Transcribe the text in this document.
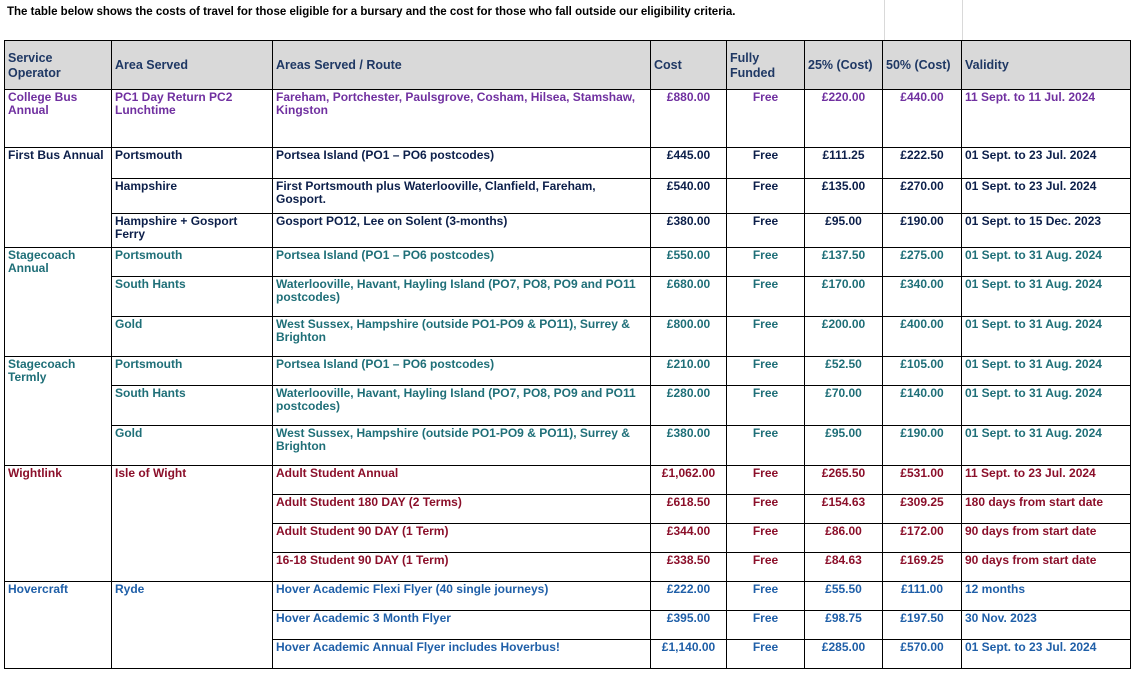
The table below shows the costs of travel for those eligible for a bursary and the cost for those who fall outside our eligibility criteria.
Service Operator	Area Served	Areas Served / Route	Cost	Fully Funded	25% (Cost)	50% (Cost)	Validity
College Bus Annual	PC1 Day Return PC2 Lunchtime	Fareham, Portchester, Paulsgrove, Cosham, Hilsea, Stamshaw, Kingston	£880.00	Free	£220.00	£440.00	11 Sept. to 11 Jul. 2024
First Bus Annual	Portsmouth	Portsea Island (PO1 – PO6 postcodes)	£445.00	Free	£111.25	£222.50	01 Sept. to 23 Jul. 2024
	Hampshire	First Portsmouth plus Waterlooville, Clanfield, Fareham, Gosport.	£540.00	Free	£135.00	£270.00	01 Sept. to 23 Jul. 2024
	Hampshire + Gosport Ferry	Gosport PO12, Lee on Solent (3-months)	£380.00	Free	£95.00	£190.00	01 Sept. to 15 Dec. 2023
Stagecoach Annual	Portsmouth	Portsea Island (PO1 – PO6 postcodes)	£550.00	Free	£137.50	£275.00	01 Sept. to 31 Aug. 2024
	South Hants	Waterlooville, Havant, Hayling Island (PO7, PO8, PO9 and PO11 postcodes)	£680.00	Free	£170.00	£340.00	01 Sept. to 31 Aug. 2024
	Gold	West Sussex, Hampshire (outside PO1-PO9 & PO11), Surrey & Brighton	£800.00	Free	£200.00	£400.00	01 Sept. to 31 Aug. 2024
Stagecoach Termly	Portsmouth	Portsea Island (PO1 – PO6 postcodes)	£210.00	Free	£52.50	£105.00	01 Sept. to 31 Aug. 2024
	South Hants	Waterlooville, Havant, Hayling Island (PO7, PO8, PO9 and PO11 postcodes)	£280.00	Free	£70.00	£140.00	01 Sept. to 31 Aug. 2024
	Gold	West Sussex, Hampshire (outside PO1-PO9 & PO11), Surrey & Brighton	£380.00	Free	£95.00	£190.00	01 Sept. to 31 Aug. 2024
Wightlink	Isle of Wight	Adult Student Annual	£1,062.00	Free	£265.50	£531.00	11 Sept. to 23 Jul. 2024
		Adult Student 180 DAY (2 Terms)	£618.50	Free	£154.63	£309.25	180 days from start date
		Adult Student 90 DAY (1 Term)	£344.00	Free	£86.00	£172.00	90 days from start date
		16-18 Student 90 DAY (1 Term)	£338.50	Free	£84.63	£169.25	90 days from start date
Hovercraft	Ryde	Hover Academic Flexi Flyer (40 single journeys)	£222.00	Free	£55.50	£111.00	12 months
		Hover Academic 3 Month Flyer	£395.00	Free	£98.75	£197.50	30 Nov. 2023
		Hover Academic Annual Flyer includes Hoverbus!	£1,140.00	Free	£285.00	£570.00	01 Sept. to 23 Jul. 2024
